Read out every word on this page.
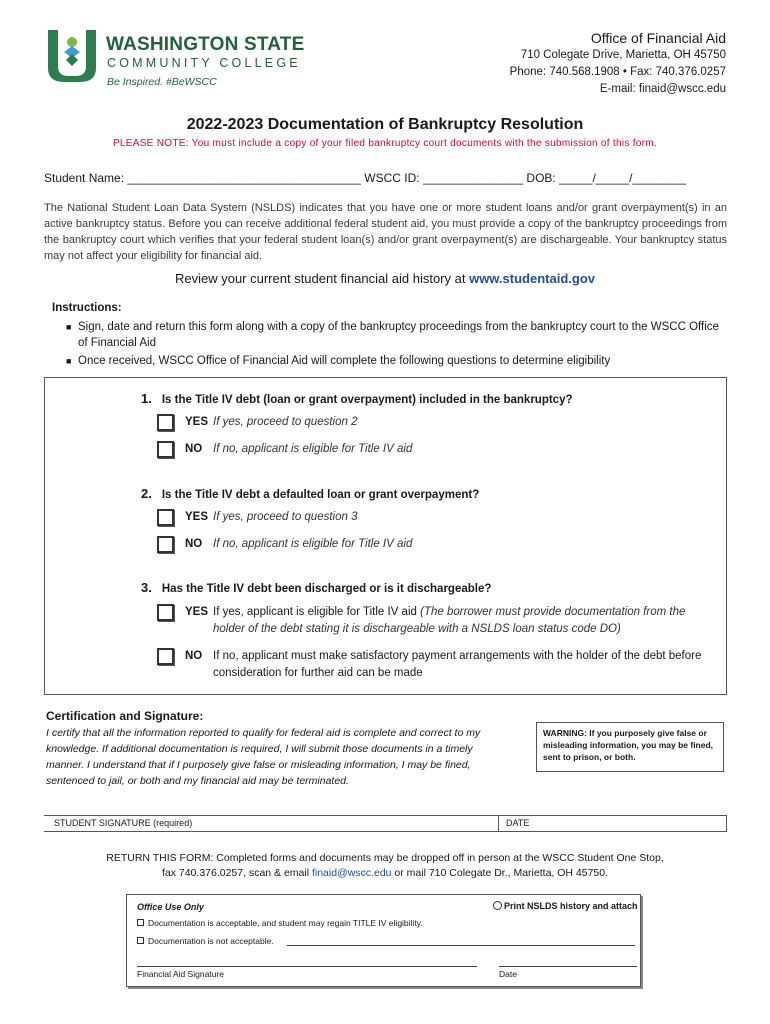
WASHINGTON STATE
COMMUNITY COLLEGE
Be Inspired. #BeWSCC
Office of Financial Aid
710 Colegate Drive, Marietta, OH 45750
Phone: 740.568.1908 • Fax: 740.376.0257
E-mail: finaid@wscc.edu
2022-2023 Documentation of Bankruptcy Resolution
PLEASE NOTE: You must include a copy of your filed bankruptcy court documents with the submission of this form.
Student Name: ___________________________________ WSCC ID: _______________ DOB: _____/_____/________
The National Student Loan Data System (NSLDS) indicates that you have one or more student loans and/or grant overpayment(s) in an active bankruptcy status. Before you can receive additional federal student aid, you must provide a copy of the bankruptcy proceedings from the bankruptcy court which verifies that your federal student loan(s) and/or grant overpayment(s) are dischargeable. Your bankruptcy status may not affect your eligibility for financial aid.
Review your current student financial aid history at www.studentaid.gov
Instructions:
■ Sign, date and return this form along with a copy of the bankruptcy proceedings from the bankruptcy court to the WSCC Office of Financial Aid
■ Once received, WSCC Office of Financial Aid will complete the following questions to determine eligibility
1. Is the Title IV debt (loan or grant overpayment) included in the bankruptcy?
YES If yes, proceed to question 2
NO If no, applicant is eligible for Title IV aid
2. Is the Title IV debt a defaulted loan or grant overpayment?
YES If yes, proceed to question 3
NO If no, applicant is eligible for Title IV aid
3. Has the Title IV debt been discharged or is it dischargeable?
YES If yes, applicant is eligible for Title IV aid (The borrower must provide documentation from the holder of the debt stating it is dischargeable with a NSLDS loan status code DO)
NO If no, applicant must make satisfactory payment arrangements with the holder of the debt before consideration for further aid can be made
Certification and Signature:
I certify that all the information reported to qualify for federal aid is complete and correct to my knowledge. If additional documentation is required, I will submit those documents in a timely manner. I understand that if I purposely give false or misleading information, I may be fined, sentenced to jail, or both and my financial aid may be terminated.
WARNING: If you purposely give false or misleading information, you may be fined, sent to prison, or both.
STUDENT SIGNATURE (required)	DATE
RETURN THIS FORM: Completed forms and documents may be dropped off in person at the WSCC Student One Stop,
fax 740.376.0257, scan & email finaid@wscc.edu or mail 710 Colegate Dr., Marietta, OH 45750.
Office Use Only	Print NSLDS history and attach
Documentation is acceptable, and student may regain TITLE IV eligibility.
Documentation is not acceptable.
Financial Aid Signature	Date
